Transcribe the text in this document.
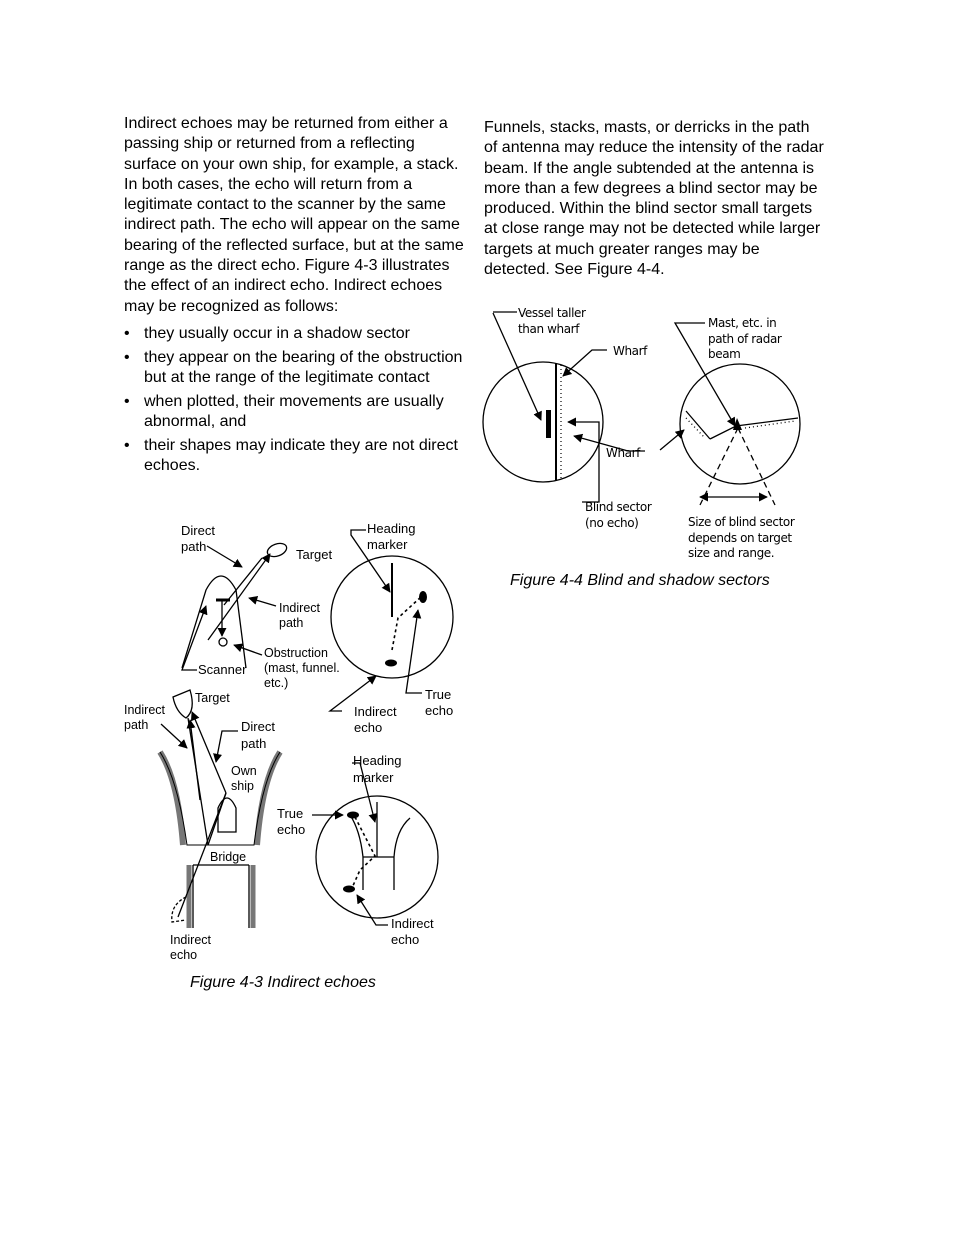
Indirect echoes may be returned from either a passing ship or returned from a reflecting surface on your own ship, for example, a stack. In both cases, the echo will return from a legitimate contact to the scanner by the same indirect path. The echo will appear on the same bearing of the reflected surface, but at the same range as the direct echo. Figure 4-3 illustrates the effect of an indirect echo. Indirect echoes may be recognized as follows:

• they usually occur in a shadow sector
• they appear on the bearing of the obstruction but at the range of the legitimate contact
• when plotted, their movements are usually abnormal, and
• their shapes may indicate they are not direct echoes.

Funnels, stacks, masts, or derricks in the path of antenna may reduce the intensity of the radar beam. If the angle subtended at the antenna is more than a few degrees a blind sector may be produced. Within the blind sector small targets at close range may not be detected while larger targets at much greater ranges may be detected. See Figure 4-4.

Direct
path
Target
Indirect
path
Obstruction
(mast, funnel.
etc.)
Scanner
Heading
marker
Indirect
echo
True
echo
Target
Indirect
path	Direct
path
Own
ship
Bridge
Indirect
echo
Heading
marker
True
echo
Indirect
echo
Figure 4-3 Indirect echoes
Vessel taller
than wharf
Wharf
Wharf
Blind sector
(no echo)
Mast, etc. in
path of radar
beam
Size of blind sector
depends on target
size and range.
Figure 4-4 Blind and shadow sectors
